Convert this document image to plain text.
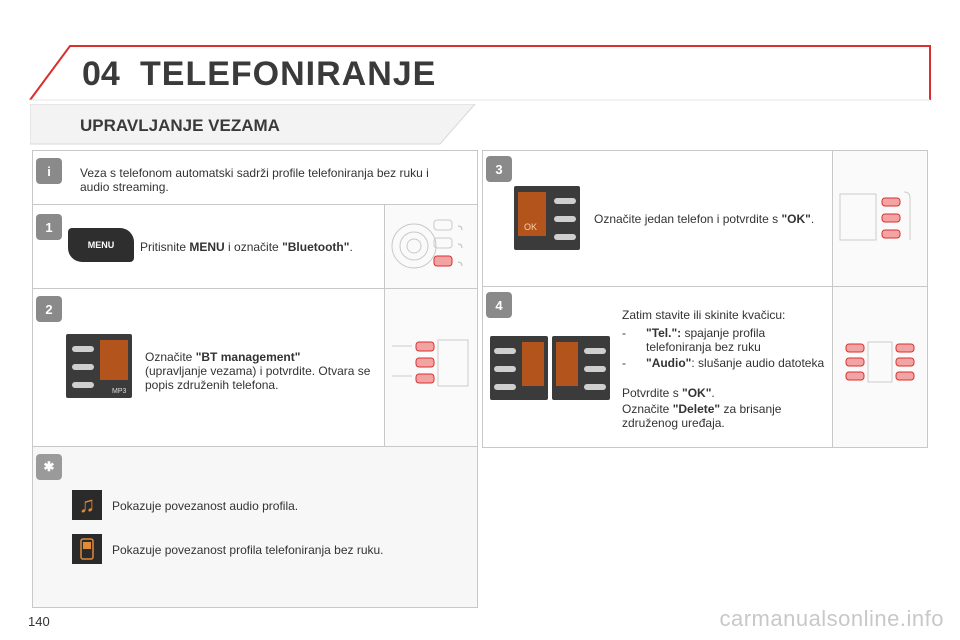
04 TELEFONIRANJE
UPRAVLJANJE VEZAMA
i	Veza s telefonom automatski sadrži profile telefoniranja bez ruku i audio streaming.
1
MENU Pritisnite MENU i označite "Bluetooth".
2
MP3
Označite "BT management"
(upravljanje vezama) i potvrdite. Otvara se popis združenih telefona.
✱
♫ Pokazuje povezanost audio profila.
Pokazuje povezanost profila telefoniranja bez ruku.
3
OK
Označite jedan telefon i potvrdite s "OK".
4
Zatim stavite ili skinite kvačicu:
- "Tel.": spajanje profila telefoniranja bez ruku
- "Audio": slušanje audio datoteka
Potvrdite s "OK".
Označite "Delete" za brisanje združenog uređaja.
140	carmanualsonline.info
